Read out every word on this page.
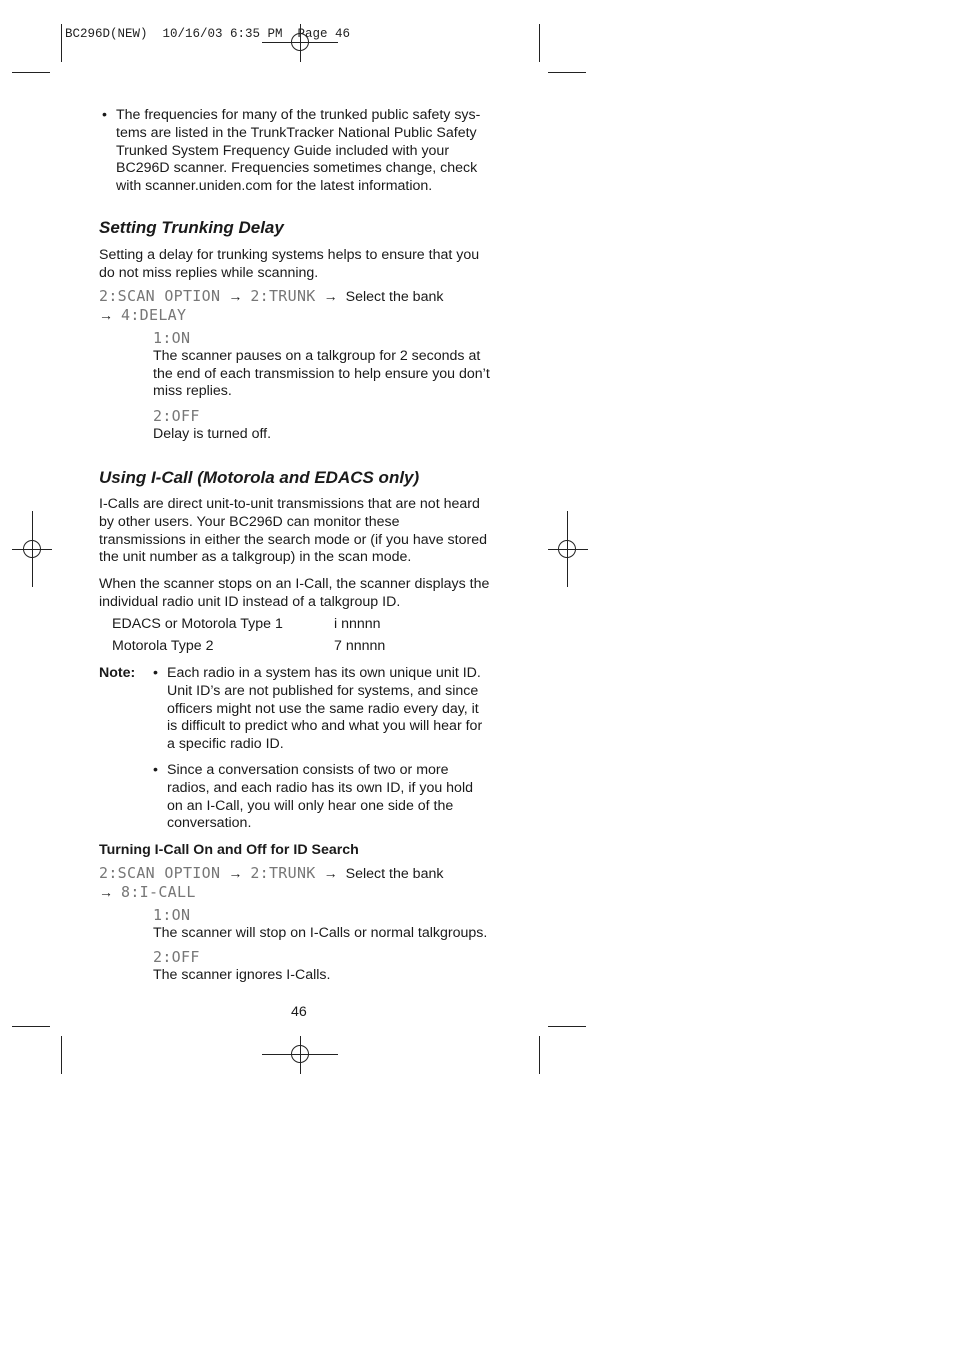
BC296D(NEW)  10/16/03 6:35 PM  Page 46
• The frequencies for many of the trunked public safety sys-
tems are listed in the TrunkTracker National Public Safety
Trunked System Frequency Guide included with your
BC296D scanner. Frequencies sometimes change, check
with scanner.uniden.com for the latest information.
Setting Trunking Delay
Setting a delay for trunking systems helps to ensure that you
do not miss replies while scanning.
2:SCAN OPTION → 2:TRUNK → Select the bank
→ 4:DELAY
1:ON
The scanner pauses on a talkgroup for 2 seconds at
the end of each transmission to help ensure you don’t
miss replies.
2:OFF
Delay is turned off.
Using I-Call (Motorola and EDACS only)
I-Calls are direct unit-to-unit transmissions that are not heard
by other users. Your BC296D can monitor these
transmissions in either the search mode or (if you have stored
the unit number as a talkgroup) in the scan mode.
When the scanner stops on an I-Call, the scanner displays the
individual radio unit ID instead of a talkgroup ID.
EDACS or Motorola Type 1	i nnnnn
Motorola Type 2	7 nnnnn
Note: • Each radio in a system has its own unique unit ID.
Unit ID’s are not published for systems, and since
officers might not use the same radio every day, it
is difficult to predict who and what you will hear for
a specific radio ID.
• Since a conversation consists of two or more
radios, and each radio has its own ID, if you hold
on an I-Call, you will only hear one side of the
conversation.
Turning I-Call On and Off for ID Search
2:SCAN OPTION → 2:TRUNK → Select the bank
→ 8:I-CALL
1:ON
The scanner will stop on I-Calls or normal talkgroups.
2:OFF
The scanner ignores I-Calls.
46
